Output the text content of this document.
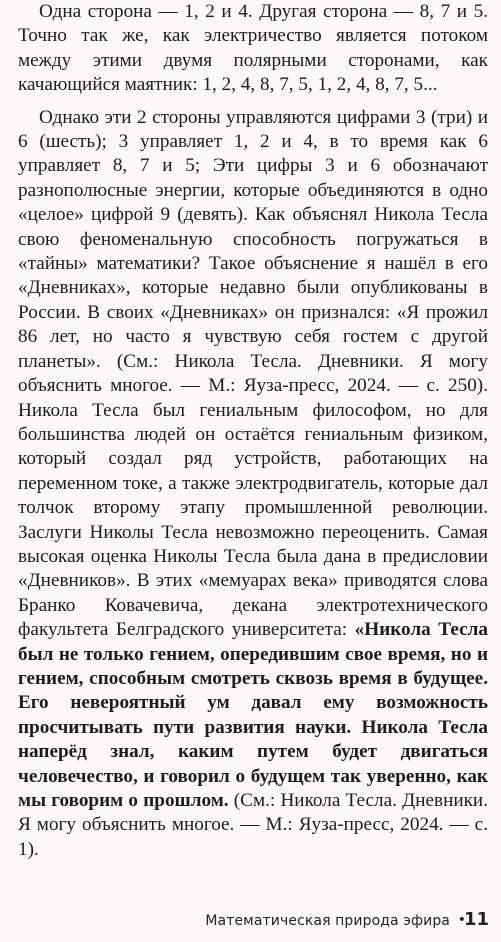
Одна сторона — 1, 2 и 4. Другая сторона — 8, 7 и 5. Точно так же, как электричество является потоком между этими двумя полярными сторонами, как качающийся маятник: 1, 2, 4, 8, 7, 5, 1, 2, 4, 8, 7, 5...

Однако эти 2 стороны управляются цифрами 3 (три) и 6 (шесть); 3 управляет 1, 2 и 4, в то время как 6 управляет 8, 7 и 5; Эти цифры 3 и 6 обозначают разнополюсные энергии, которые объединяются в одно «целое» цифрой 9 (девять). Как объяснял Никола Тесла свою феноменальную способность погружаться в «тайны» математики? Такое объяснение я нашёл в его «Дневниках», которые недавно были опубликованы в России. В своих «Дневниках» он признался: «Я прожил 86 лет, но часто я чувствую себя гостем с другой планеты». (См.: Никола Тесла. Дневники. Я могу объяснить многое. — М.: Яуза-пресс, 2024. — с. 250). Никола Тесла был гениальным философом, но для большинства людей он остаётся гениальным физиком, который создал ряд устройств, работающих на переменном токе, а также электродвигатель, которые дал толчок второму этапу промышленной революции. Заслуги Николы Тесла невозможно переоценить. Самая высокая оценка Николы Тесла была дана в предисловии «Дневников». В этих «мемуарах века» приводятся слова Бранко Ковачевича, декана электротехнического факультета Белградского университета: «Никола Тесла был не только гением, опередившим свое время, но и гением, способным смотреть сквозь время в будущее. Его невероятный ум давал ему возможность просчитывать пути развития науки. Никола Тесла наперёд знал, каким путем будет двигаться человечество, и говорил о будущем так уверенно, как мы говорим о прошлом. (См.: Никола Тесла. Дневники. Я могу объяснить многое. — М.: Яуза-пресс, 2024. — с. 1).

Математическая природа эфира •
11
